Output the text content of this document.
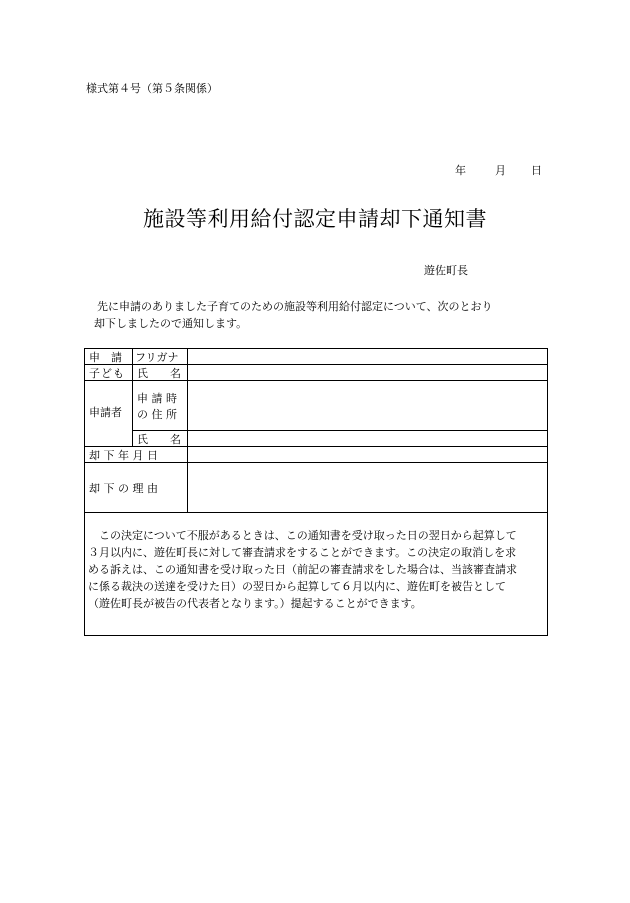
様式第４号（第５条関係）
年	月 日
施設等利用給付認定申請却下通知書
遊佐町長
先に申請のありました子育てのための施設等利用給付認定について、次のとおり
却下しましたので通知します。
申　請
子ども
フリガナ
氏　　名
申請者
申 請 時
の 住 所
氏　　名
却 下 年 月 日
却 下 の 理 由
この決定について不服があるときは、この通知書を受け取った日の翌日から起算して
３月以内に、遊佐町長に対して審査請求をすることができます。この決定の取消しを求
める訴えは、この通知書を受け取った日（前記の審査請求をした場合は、当該審査請求
に係る裁決の送達を受けた日）の翌日から起算して６月以内に、遊佐町を被告として
（遊佐町長が被告の代表者となります。）提起することができます。
